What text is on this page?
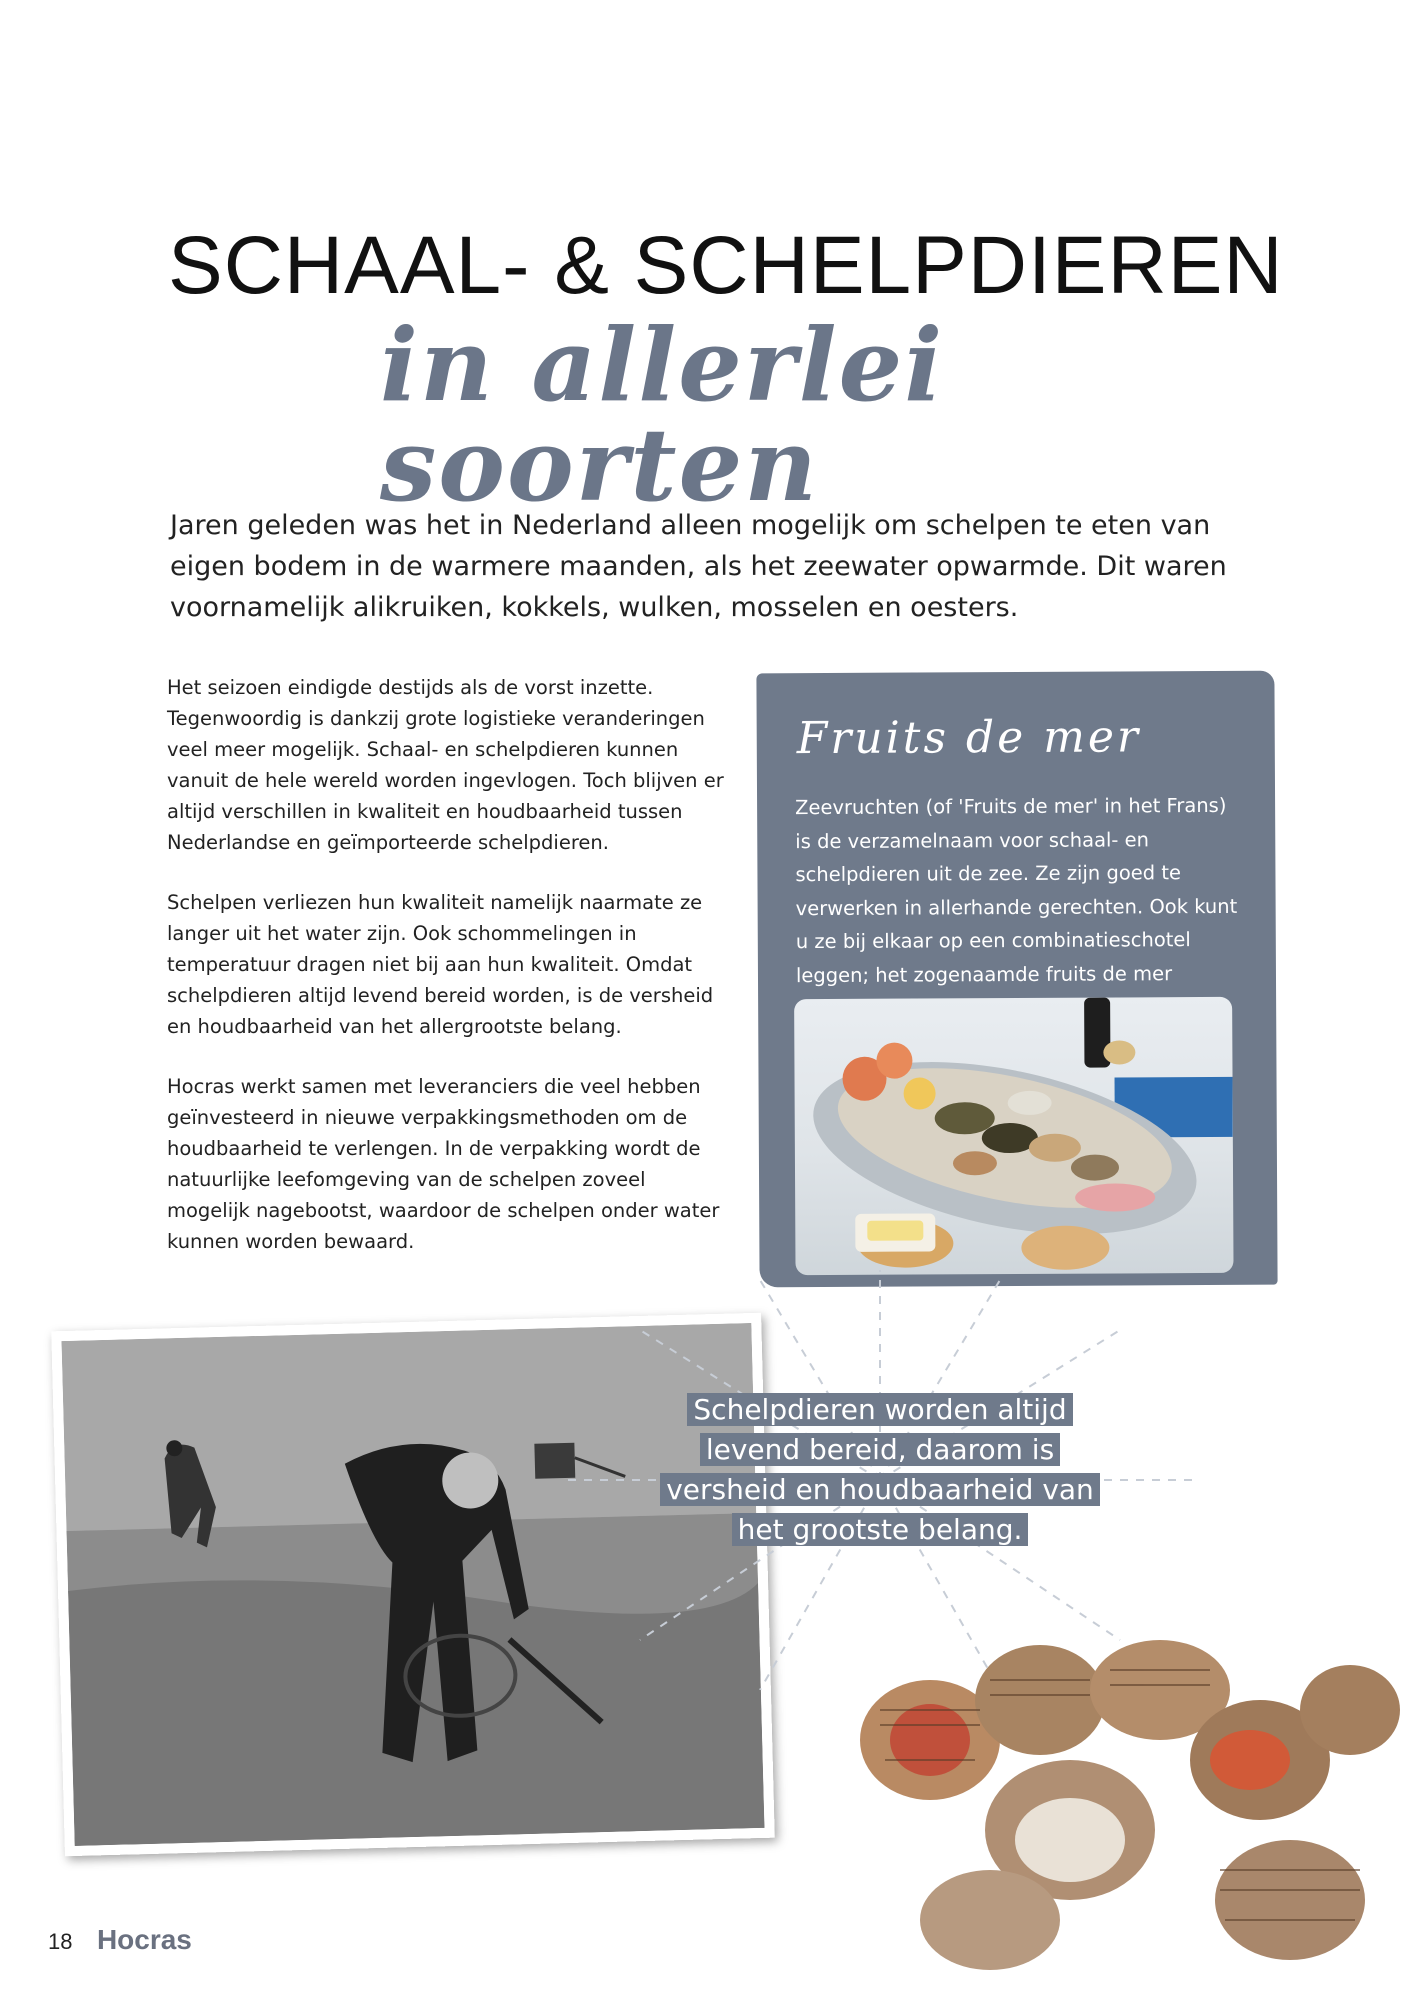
SCHAAL- & SCHELPDIEREN
in allerlei soorten

Jaren geleden was het in Nederland alleen mogelijk om schelpen te eten van eigen bodem in de warmere maanden, als het zeewater opwarmde. Dit waren voornamelijk alikruiken, kokkels, wulken, mosselen en oesters.

Het seizoen eindigde destijds als de vorst inzette. Tegenwoordig is dankzij grote logistieke veranderingen veel meer mogelijk. Schaal- en schelpdieren kunnen vanuit de hele wereld worden ingevlogen. Toch blijven er altijd verschillen in kwaliteit en houdbaarheid tussen Nederlandse en geïmporteerde schelpdieren.

Schelpen verliezen hun kwaliteit namelijk naarmate ze langer uit het water zijn. Ook schommelingen in temperatuur dragen niet bij aan hun kwaliteit. Omdat schelpdieren altijd levend bereid worden, is de versheid en houdbaarheid van het allergrootste belang.

Hocras werkt samen met leveranciers die veel hebben geïnvesteerd in nieuwe verpakkingsmethoden om de houdbaarheid te verlengen. In de verpakking wordt de natuurlijke leefomgeving van de schelpen zoveel mogelijk nagebootst, waardoor de schelpen onder water kunnen worden bewaard.

Fruits de mer

Zeevruchten (of 'Fruits de mer' in het Frans) is de verzamelnaam voor schaal- en schelpdieren uit de zee. Ze zijn goed te verwerken in allerhande gerechten. Ook kunt u ze bij elkaar op een combinatieschotel leggen; het zogenaamde fruits de mer

Schelpdieren worden altijd levend bereid, daarom is versheid en houdbaarheid van het grootste belang.

18 Hocras
